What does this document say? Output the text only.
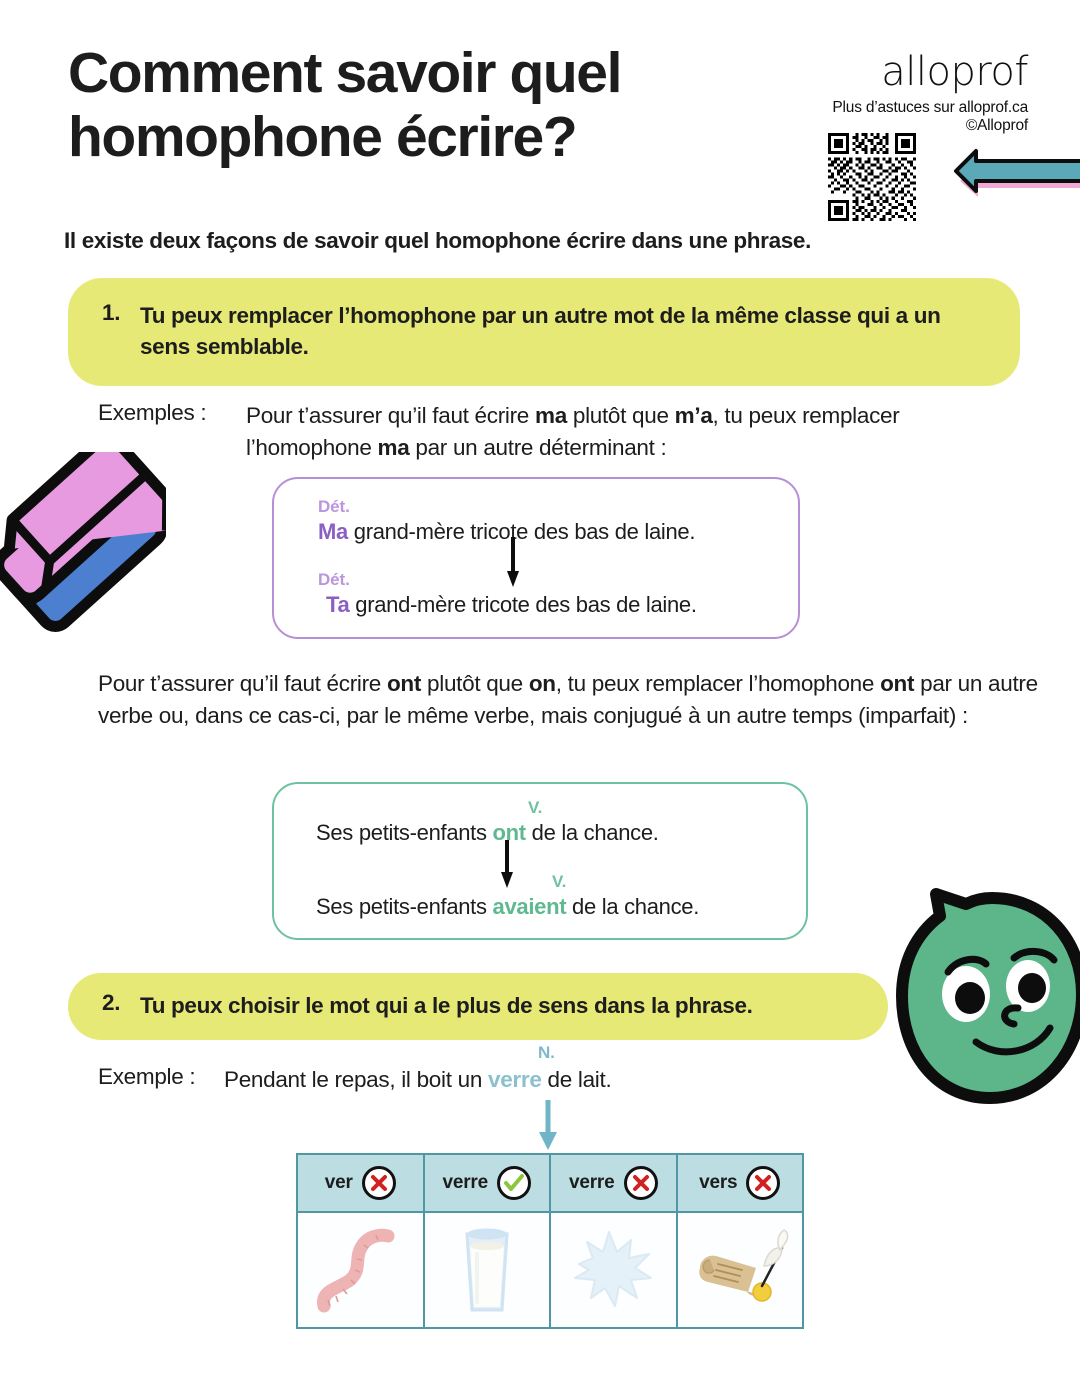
Comment savoir quel
homophone écrire?
alloprof
Plus d’astuces sur alloprof.ca
©Alloprof

Il existe deux façons de savoir quel homophone écrire dans une phrase.

1. Tu peux remplacer l’homophone par un autre mot de la même classe qui a un sens semblable.
Exemples :	Pour t’assurer qu’il faut écrire ma plutôt que m’a, tu peux remplacer l’homophone ma par un autre déterminant :
Dét.
Ma grand-mère tricote des bas de laine.
Dét.
Ta grand-mère tricote des bas de laine.

Pour t’assurer qu’il faut écrire ont plutôt que on, tu peux remplacer l’homophone ont par un autre verbe ou, dans ce cas-ci, par le même verbe, mais conjugué à un autre temps (imparfait) :

V.
Ses petits-enfants ont de la chance.
V.
Ses petits-enfants avaient de la chance.
2. Tu peux choisir le mot qui a le plus de sens dans la phrase.
Exemple :	Pendant le repas, il boit un verre de lait.
N.
ver	verre	verre	vers
